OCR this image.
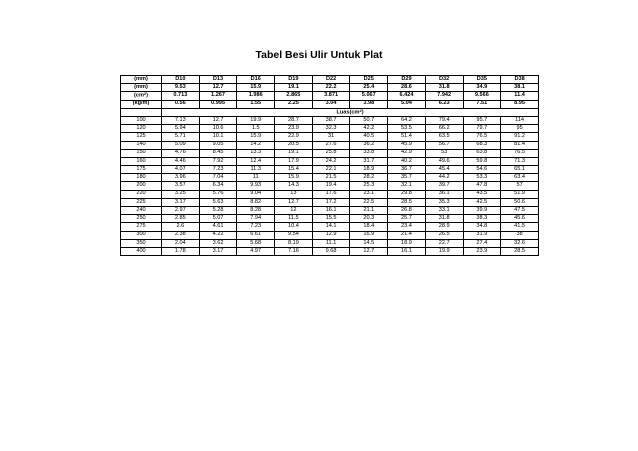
Tabel Besi Ulir Untuk Plat
(mm)	D10	D13	D16	D19	D22	D25	D29	D32	D35	D38
(mm)	9.53	12.7	15.9	19.1	22.2	25.4	28.6	31.8	34.9	38.1
$(cm^2)$	0.713	1.267	1.986	2.865	3.871	5.067	6.424	7.942	9.566	11.4
(kg/m)	0.56	0.995	1.55	2.25	3.04	3.98	5.04	6.23	7.51	8.95
	$Luas(cm^2)$									
100	7.13	12.7	19.9	28.7	38.7	50.7	64.2	79.4	95.7	114
120	5.94	10.6	1.5	23.9	32.3	42.2	53.5	66.2	79.7	95
125	5.71	10.1	15.9	22.9	31	40.5	51.4	63.5	76.5	91.2
140	5.09	9.05	14.2	20.5	27.6	36.2	45.9	56.7	68.3	81.4
150	4.76	8.45	13.3	19.1	25.8	33.8	42.9	53	63.8	76.5
160	4.46	7.92	12.4	17.9	24.2	31.7	40.2	49.6	59.8	71.3
175	4.07	7.23	11.3	15.4	22.1	18.9	36.7	45.4	54.6	65.1
180	3.96	7.04	11	15.9	21.5	28.2	35.7	44.2	53.3	63.4
200	3.57	6.34	9.93	14.3	19.4	25.3	32.1	39.7	47.8	57
220	3.25	5.76	9.04	13	17.6	23.1	29.8	36.1	43.5	51.9
225	3.17	5.63	8.82	12.7	17.2	22.5	28.5	35.3	42.5	50.6
240	2.97	5.28	8.28	12	16.1	21.1	26.8	33.1	39.9	47.5
250	2.85	5.07	7.94	11.5	15.5	20.3	25.7	31.8	38.3	45.6
275	2.6	4.61	7.23	10.4	14.1	18.4	23.4	28.9	34.8	41.5
300	2.38	4.22	6.61	9.54	12.9	16.9	21.4	26.5	31.9	38
350	2.04	3.62	5.68	8.19	11.1	14.5	18.9	22.7	27.4	32.6
400	1.78	3.17	4.97	7.16	9.68	12.7	16.1	19.9	23.9	28.5
